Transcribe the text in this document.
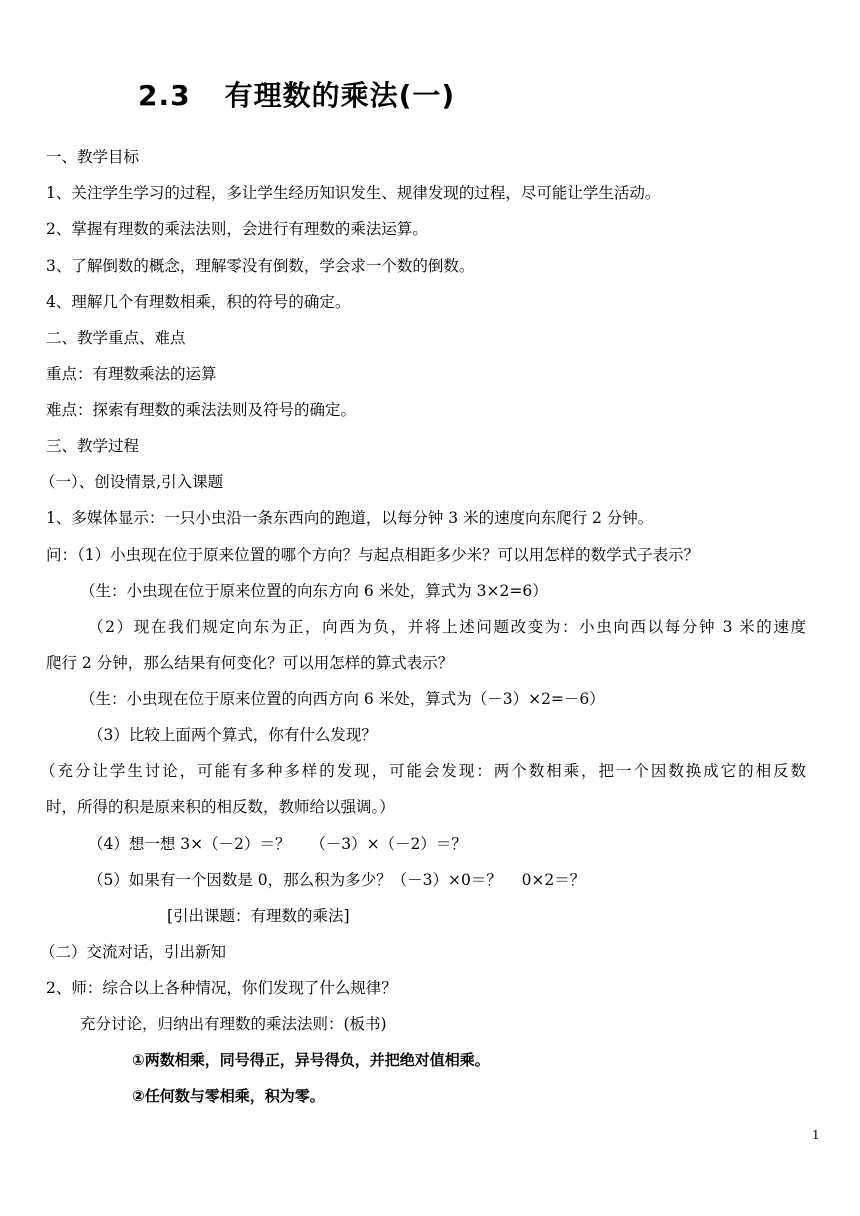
2.3 有理数的乘法(一)
一、教学目标
1、关注学生学习的过程，多让学生经历知识发生、规律发现的过程，尽可能让学生活动。
2、掌握有理数的乘法法则，会进行有理数的乘法运算。
3、了解倒数的概念，理解零没有倒数，学会求一个数的倒数。
4、理解几个有理数相乘，积的符号的确定。
二、教学重点、难点
重点：有理数乘法的运算
难点：探索有理数的乘法法则及符号的确定。
三、教学过程
（一）、创设情景,引入课题
1、多媒体显示：一只小虫沿一条东西向的跑道，以每分钟 3 米的速度向东爬行 2 分钟。
问：（1）小虫现在位于原来位置的哪个方向？与起点相距多少米？可以用怎样的数学式子表示？
（生：小虫现在位于原来位置的向东方向 6 米处，算式为 3×2=6）
（2）现在我们规定向东为正，向西为负，并将上述问题改变为：小虫向西以每分钟 3 米的速度
爬行 2 分钟，那么结果有何变化？可以用怎样的算式表示？
（生：小虫现在位于原来位置的向西方向 6 米处，算式为（－3）×2=－6）
（3）比较上面两个算式，你有什么发现？
（充分让学生讨论，可能有多种多样的发现，可能会发现：两个数相乘，把一个因数换成它的相反数
时，所得的积是原来积的相反数，教师给以强调。）
（4）想一想 3×（－2）＝？    （－3）×（－2）＝？
（5）如果有一个因数是 0，那么积为多少？（－3）×0＝？    0×2＝？
[引出课题：有理数的乘法]
（二）交流对话，引出新知
2、师：综合以上各种情况，你们发现了什么规律？
充分讨论，归纳出有理数的乘法法则：(板书)
①两数相乘，同号得正，异号得负，并把绝对值相乘。
②任何数与零相乘，积为零。
1
